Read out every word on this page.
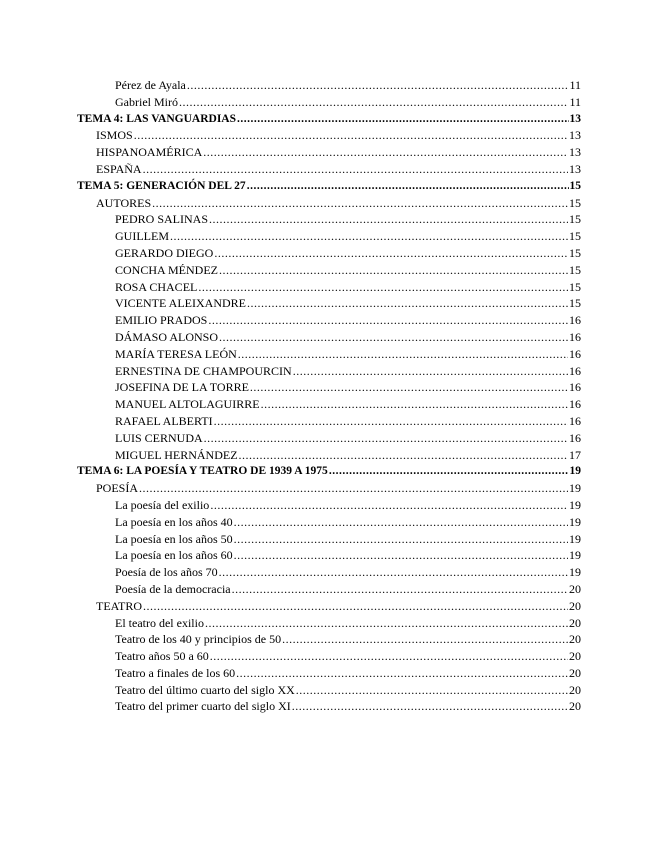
Pérez de Ayala .....	11
Gabriel Miró .....	11
TEMA 4: LAS VANGUARDIAS .....	13
ISMOS .....	13
HISPANOAMÉRICA .....	13
ESPAÑA .....	13
TEMA 5: GENERACIÓN DEL 27 .....	15
AUTORES .....	15
PEDRO SALINAS .....	15
GUILLEM .....	15
GERARDO DIEGO .....	15
CONCHA MÉNDEZ .....	15
ROSA CHACEL .....	15
VICENTE ALEIXANDRE .....	15
EMILIO PRADOS .....	16
DÁMASO ALONSO .....	16
MARÍA TERESA LEÓN .....	16
ERNESTINA DE CHAMPOURCIN .....	16
JOSEFINA DE LA TORRE .....	16
MANUEL ALTOLAGUIRRE .....	16
RAFAEL ALBERTI .....	16
LUIS CERNUDA .....	16
MIGUEL HERNÁNDEZ .....	17
TEMA 6: LA POESÍA Y TEATRO DE 1939 A 1975 .....	19
POESÍA .....	19
La poesía del exilio .....	19
La poesía en los años 40 .....	19
La poesía en los años 50 .....	19
La poesía en los años 60 .....	19
Poesía de los años 70 .....	19
Poesía de la democracia .....	20
TEATRO .....	20
El teatro del exilio .....	20
Teatro de los 40 y principios de 50 .....	20
Teatro años 50 a 60 .....	20
Teatro a finales de los 60 .....	20
Teatro del último cuarto del siglo XX .....	20
Teatro del primer cuarto del siglo XI .....	20
